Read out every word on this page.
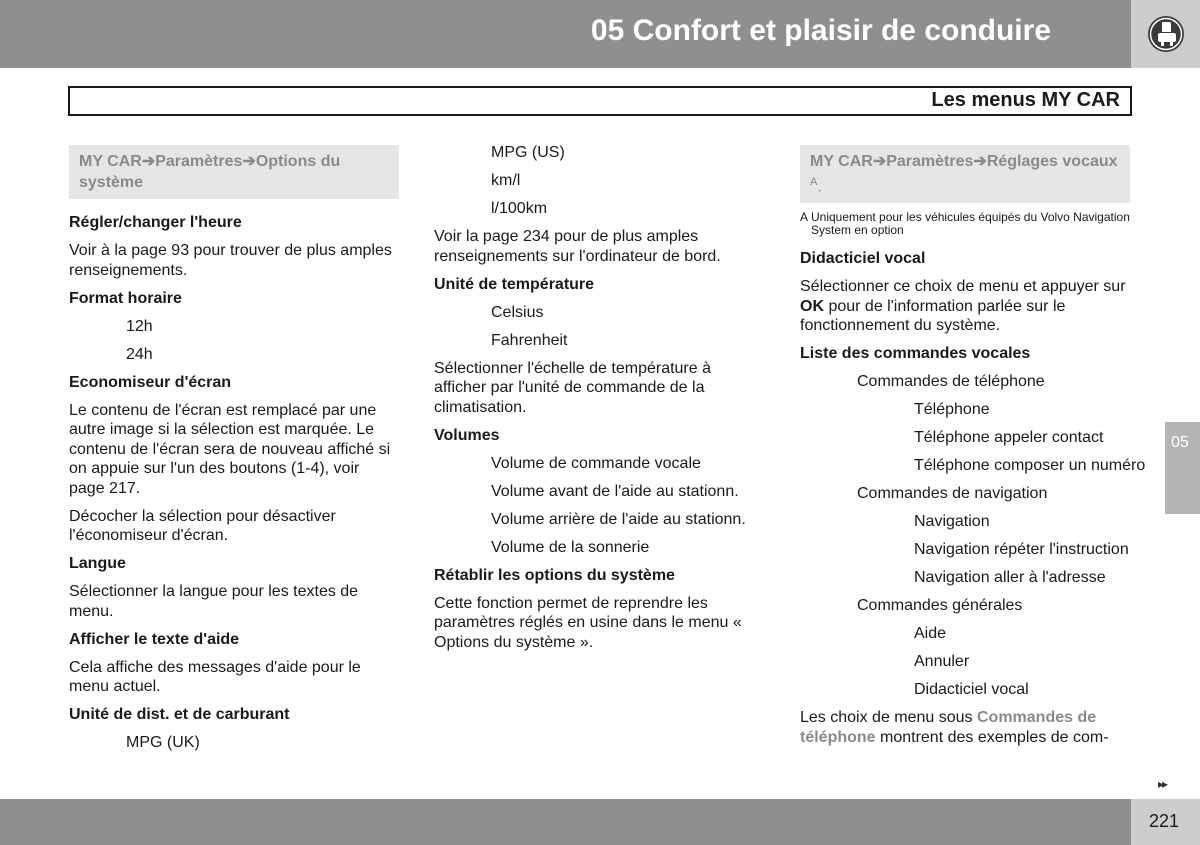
05 Confort et plaisir de conduire
Les menus MY CAR
MY CAR➔Paramètres➔Options du système

Régler/changer l'heure

Voir à la page 93 pour trouver de plus amples renseignements.

Format horaire

12h

24h

Economiseur d'écran

Le contenu de l'écran est remplacé par une autre image si la sélection est marquée. Le contenu de l'écran sera de nouveau affiché si on appuie sur l'un des boutons (1-4), voir page 217.

Décocher la sélection pour désactiver l'économiseur d'écran.

Langue

Sélectionner la langue pour les textes de menu.

Afficher le texte d'aide

Cela affiche des messages d'aide pour le menu actuel.

Unité de dist. et de carburant

MPG (UK)

MPG (US)

km/l

l/100km

Voir la page 234 pour de plus amples renseignements sur l'ordinateur de bord.

Unité de température

Celsius

Fahrenheit

Sélectionner l'échelle de température à afficher par l'unité de commande de la climatisation.

Volumes

Volume de commande vocale

Volume avant de l'aide au stationn.

Volume arrière de l'aide au stationn.

Volume de la sonnerie

Rétablir les options du système

Cette fonction permet de reprendre les paramètres réglés en usine dans le menu « Options du système ».

MY CAR➔Paramètres➔Réglages vocaux $^A$.
A Uniquement pour les véhicules équipés du Volvo Navigation System en option

Didacticiel vocal

Sélectionner ce choix de menu et appuyer sur OK pour de l'information parlée sur le fonctionnement du système.

Liste des commandes vocales

Commandes de téléphone

Téléphone

Téléphone appeler contact

Téléphone composer un numéro

Commandes de navigation

Navigation

Navigation répéter l'instruction

Navigation aller à l'adresse

Commandes générales

Aide

Annuler

Didacticiel vocal

Les choix de menu sous Commandes de téléphone montrent des exemples de com-

05
▸▸
221
